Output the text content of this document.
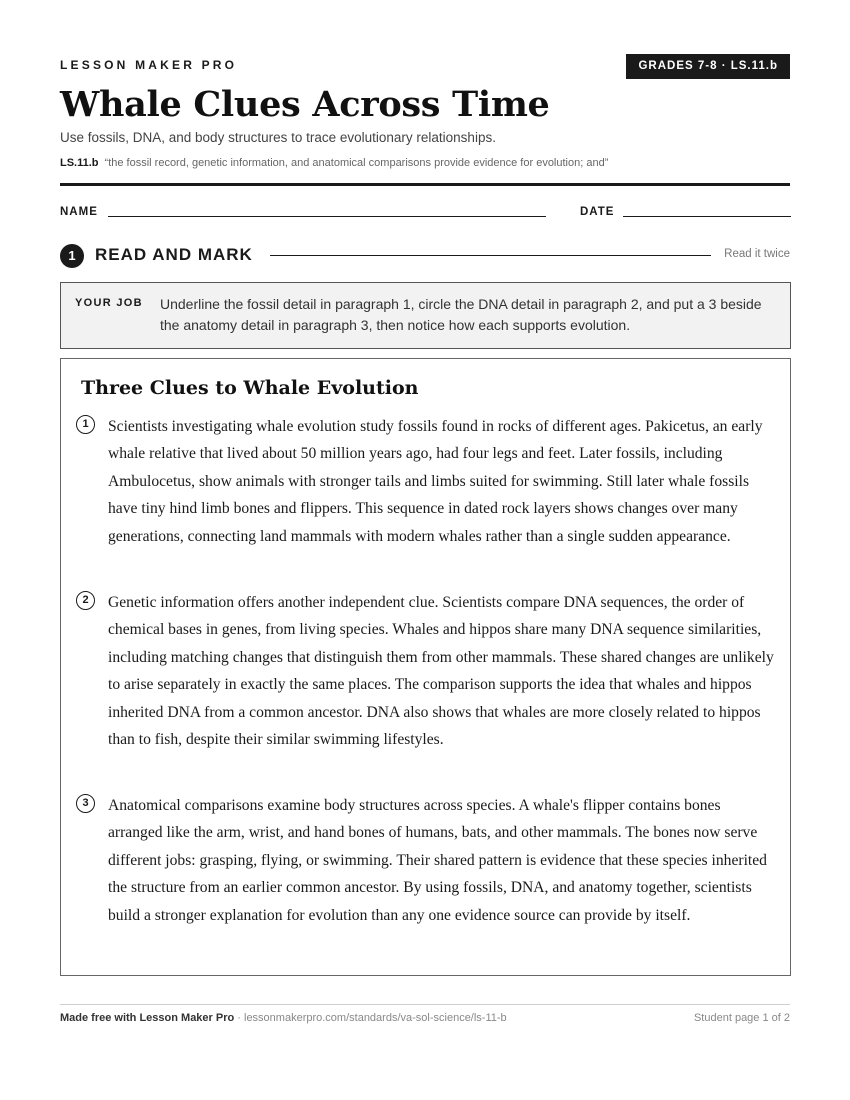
LESSON MAKER PRO	GRADES 7-8 · LS.11.b
Whale Clues Across Time
Use fossils, DNA, and body structures to trace evolutionary relationships.
LS.11.b “the fossil record, genetic information, and anatomical comparisons provide evidence for evolution; and”
NAME	DATE
1	READ AND MARK	Read it twice
YOUR JOB Underline the fossil detail in paragraph 1, circle the DNA detail in paragraph 2, and put a 3 beside the anatomy detail in paragraph 3, then notice how each supports evolution.
Three Clues to Whale Evolution
1	Scientists investigating whale evolution study fossils found in rocks of different ages. Pakicetus, an early whale relative that lived about 50 million years ago, had four legs and feet. Later fossils, including Ambulocetus, show animals with stronger tails and limbs suited for swimming. Still later whale fossils have tiny hind limb bones and flippers. This sequence in dated rock layers shows changes over many generations, connecting land mammals with modern whales rather than a single sudden appearance.
2	Genetic information offers another independent clue. Scientists compare DNA sequences, the order of chemical bases in genes, from living species. Whales and hippos share many DNA sequence similarities, including matching changes that distinguish them from other mammals. These shared changes are unlikely to arise separately in exactly the same places. The comparison supports the idea that whales and hippos inherited DNA from a common ancestor. DNA also shows that whales are more closely related to hippos than to fish, despite their similar swimming lifestyles.
3	Anatomical comparisons examine body structures across species. A whale's flipper contains bones arranged like the arm, wrist, and hand bones of humans, bats, and other mammals. The bones now serve different jobs: grasping, flying, or swimming. Their shared pattern is evidence that these species inherited the structure from an earlier common ancestor. By using fossils, DNA, and anatomy together, scientists build a stronger explanation for evolution than any one evidence source can provide by itself.
Made free with Lesson Maker Pro · lessonmakerpro.com/standards/va-sol-science/ls-11-b	Student page 1 of 2
